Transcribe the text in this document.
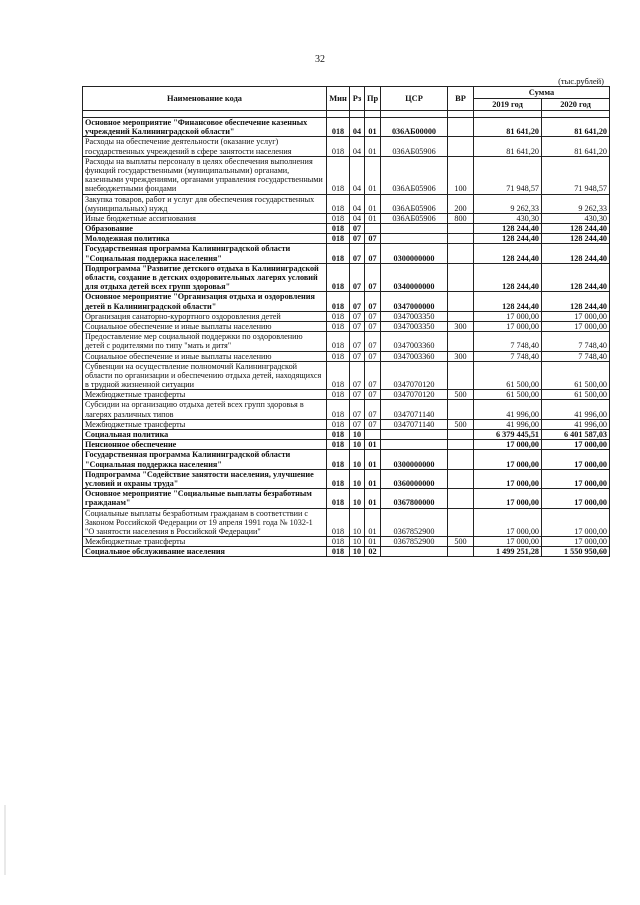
32
(тыс.рублей)
Наименование кода	Мин	Рз	Пр	ЦСР	ВР	Сумма	
						2019 год	2020 год

Основное мероприятие "Финансовое обеспечение казенных учреждений Калининградской области"	018	04	01	036АБ00000		81 641,20	81 641,20
Расходы на обеспечение деятельности (оказание услуг) государственных учреждений в сфере занятости населения	018	04	01	036АБ05906		81 641,20	81 641,20
Расходы на выплаты персоналу в целях обеспечения выполнения функций государственными (муниципальными) органами, казенными учреждениями, органами управления государственными внебюджетными фондами	018	04	01	036АБ05906	100	71 948,57	71 948,57
Закупка товаров, работ и услуг для обеспечения государственных (муниципальных) нужд	018	04	01	036АБ05906	200	9 262,33	9 262,33
Иные бюджетные ассигнования	018	04	01	036АБ05906	800	430,30	430,30
Образование	018	07				128 244,40	128 244,40
Молодежная политика	018	07	07			128 244,40	128 244,40
Государственная программа Калининградской области "Социальная поддержка населения"	018	07	07	0300000000		128 244,40	128 244,40
Подпрограмма "Развитие детского отдыха в Калининградской области, создание в детских оздоровительных лагерях условий для отдыха детей всех групп здоровья"	018	07	07	0340000000		128 244,40	128 244,40
Основное мероприятие "Организация отдыха и оздоровления детей в Калининградской области"	018	07	07	0347000000		128 244,40	128 244,40
Организация санаторно-курортного оздоровления детей	018	07	07	0347003350		17 000,00	17 000,00
Социальное обеспечение и иные выплаты населению	018	07	07	0347003350	300	17 000,00	17 000,00
Предоставление мер социальной поддержки по оздоровлению детей с родителями по типу "мать и дитя"	018	07	07	0347003360		7 748,40	7 748,40
Социальное обеспечение и иные выплаты населению	018	07	07	0347003360	300	7 748,40	7 748,40
Субвенции на осуществление полномочий Калининградской области по организации и обеспечению отдыха детей, находящихся в трудной жизненной ситуации	018	07	07	0347070120		61 500,00	61 500,00
Межбюджетные трансферты	018	07	07	0347070120	500	61 500,00	61 500,00
Субсидии на организацию отдыха детей всех групп здоровья в лагерях различных типов	018	07	07	0347071140		41 996,00	41 996,00
Межбюджетные трансферты	018	07	07	0347071140	500	41 996,00	41 996,00
Социальная политика	018	10				6 379 445,51	6 401 587,03
Пенсионное обеспечение	018	10	01			17 000,00	17 000,00
Государственная программа Калининградской области "Социальная поддержка населения"	018	10	01	0300000000		17 000,00	17 000,00
Подпрограмма "Содействие занятости населения, улучшение условий и охраны труда"	018	10	01	0360000000		17 000,00	17 000,00
Основное мероприятие "Социальные выплаты безработным гражданам"	018	10	01	0367800000		17 000,00	17 000,00
Социальные выплаты безработным гражданам в соответствии с Законом Российской Федерации от 19 апреля 1991 года № 1032-1 "О занятости населения в Российской Федерации"	018	10	01	0367852900		17 000,00	17 000,00
Межбюджетные трансферты	018	10	01	0367852900	500	17 000,00	17 000,00
Социальное обслуживание населения	018	10	02			1 499 251,28	1 550 950,60
